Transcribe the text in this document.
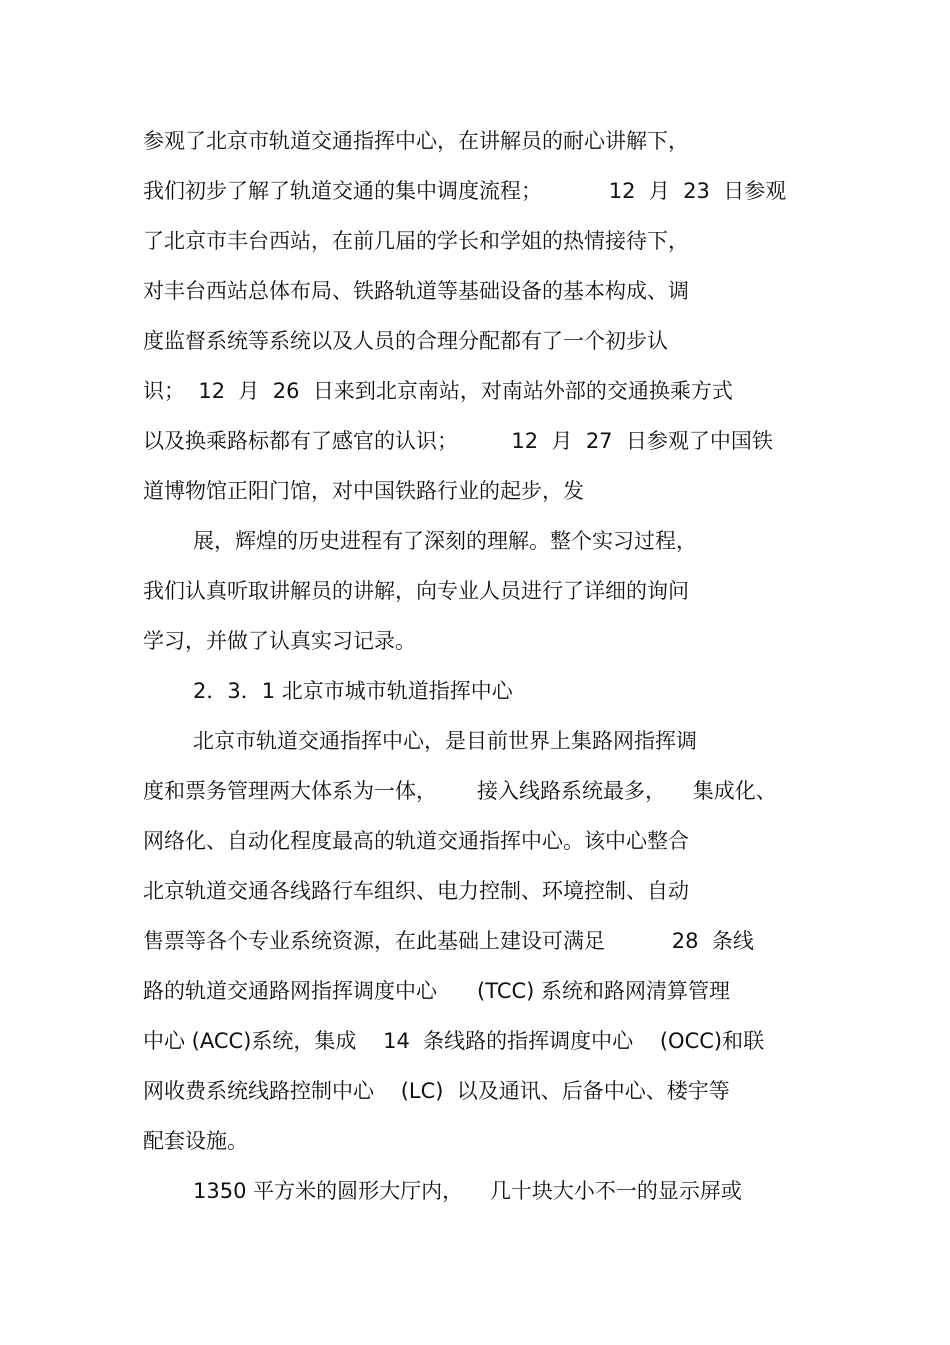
参观了北京市轨道交通指挥中心，在讲解员的耐心讲解下，
我们初步了解了轨道交通的集中调度流程；          12  月  23  日参观
了北京市丰台西站，在前几届的学长和学姐的热情接待下，
对丰台西站总体布局、铁路轨道等基础设备的基本构成、调
度监督系统等系统以及人员的合理分配都有了一个初步认
识；  12  月  26  日来到北京南站，对南站外部的交通换乘方式
以及换乘路标都有了感官的认识；        12  月  27  日参观了中国铁
道博物馆正阳门馆，对中国铁路行业的起步，发
展，辉煌的历史进程有了深刻的理解。整个实习过程，
我们认真听取讲解员的讲解，向专业人员进行了详细的询问
学习，并做了认真实习记录。
2．3．1 北京市城市轨道指挥中心
北京市轨道交通指挥中心，是目前世界上集路网指挥调
度和票务管理两大体系为一体，      接入线路系统最多，    集成化、
网络化、自动化程度最高的轨道交通指挥中心。该中心整合
北京轨道交通各线路行车组织、电力控制、环境控制、自动
售票等各个专业系统资源，在此基础上建设可满足          28  条线
路的轨道交通路网指挥调度中心      (TCC) 系统和路网清算管理
中心 (ACC)系统，集成    14  条线路的指挥调度中心    (OCC)和联
网收费系统线路控制中心    (LC)  以及通讯、后备中心、楼宇等
配套设施。
1350 平方米的圆形大厅内，    几十块大小不一的显示屏或
